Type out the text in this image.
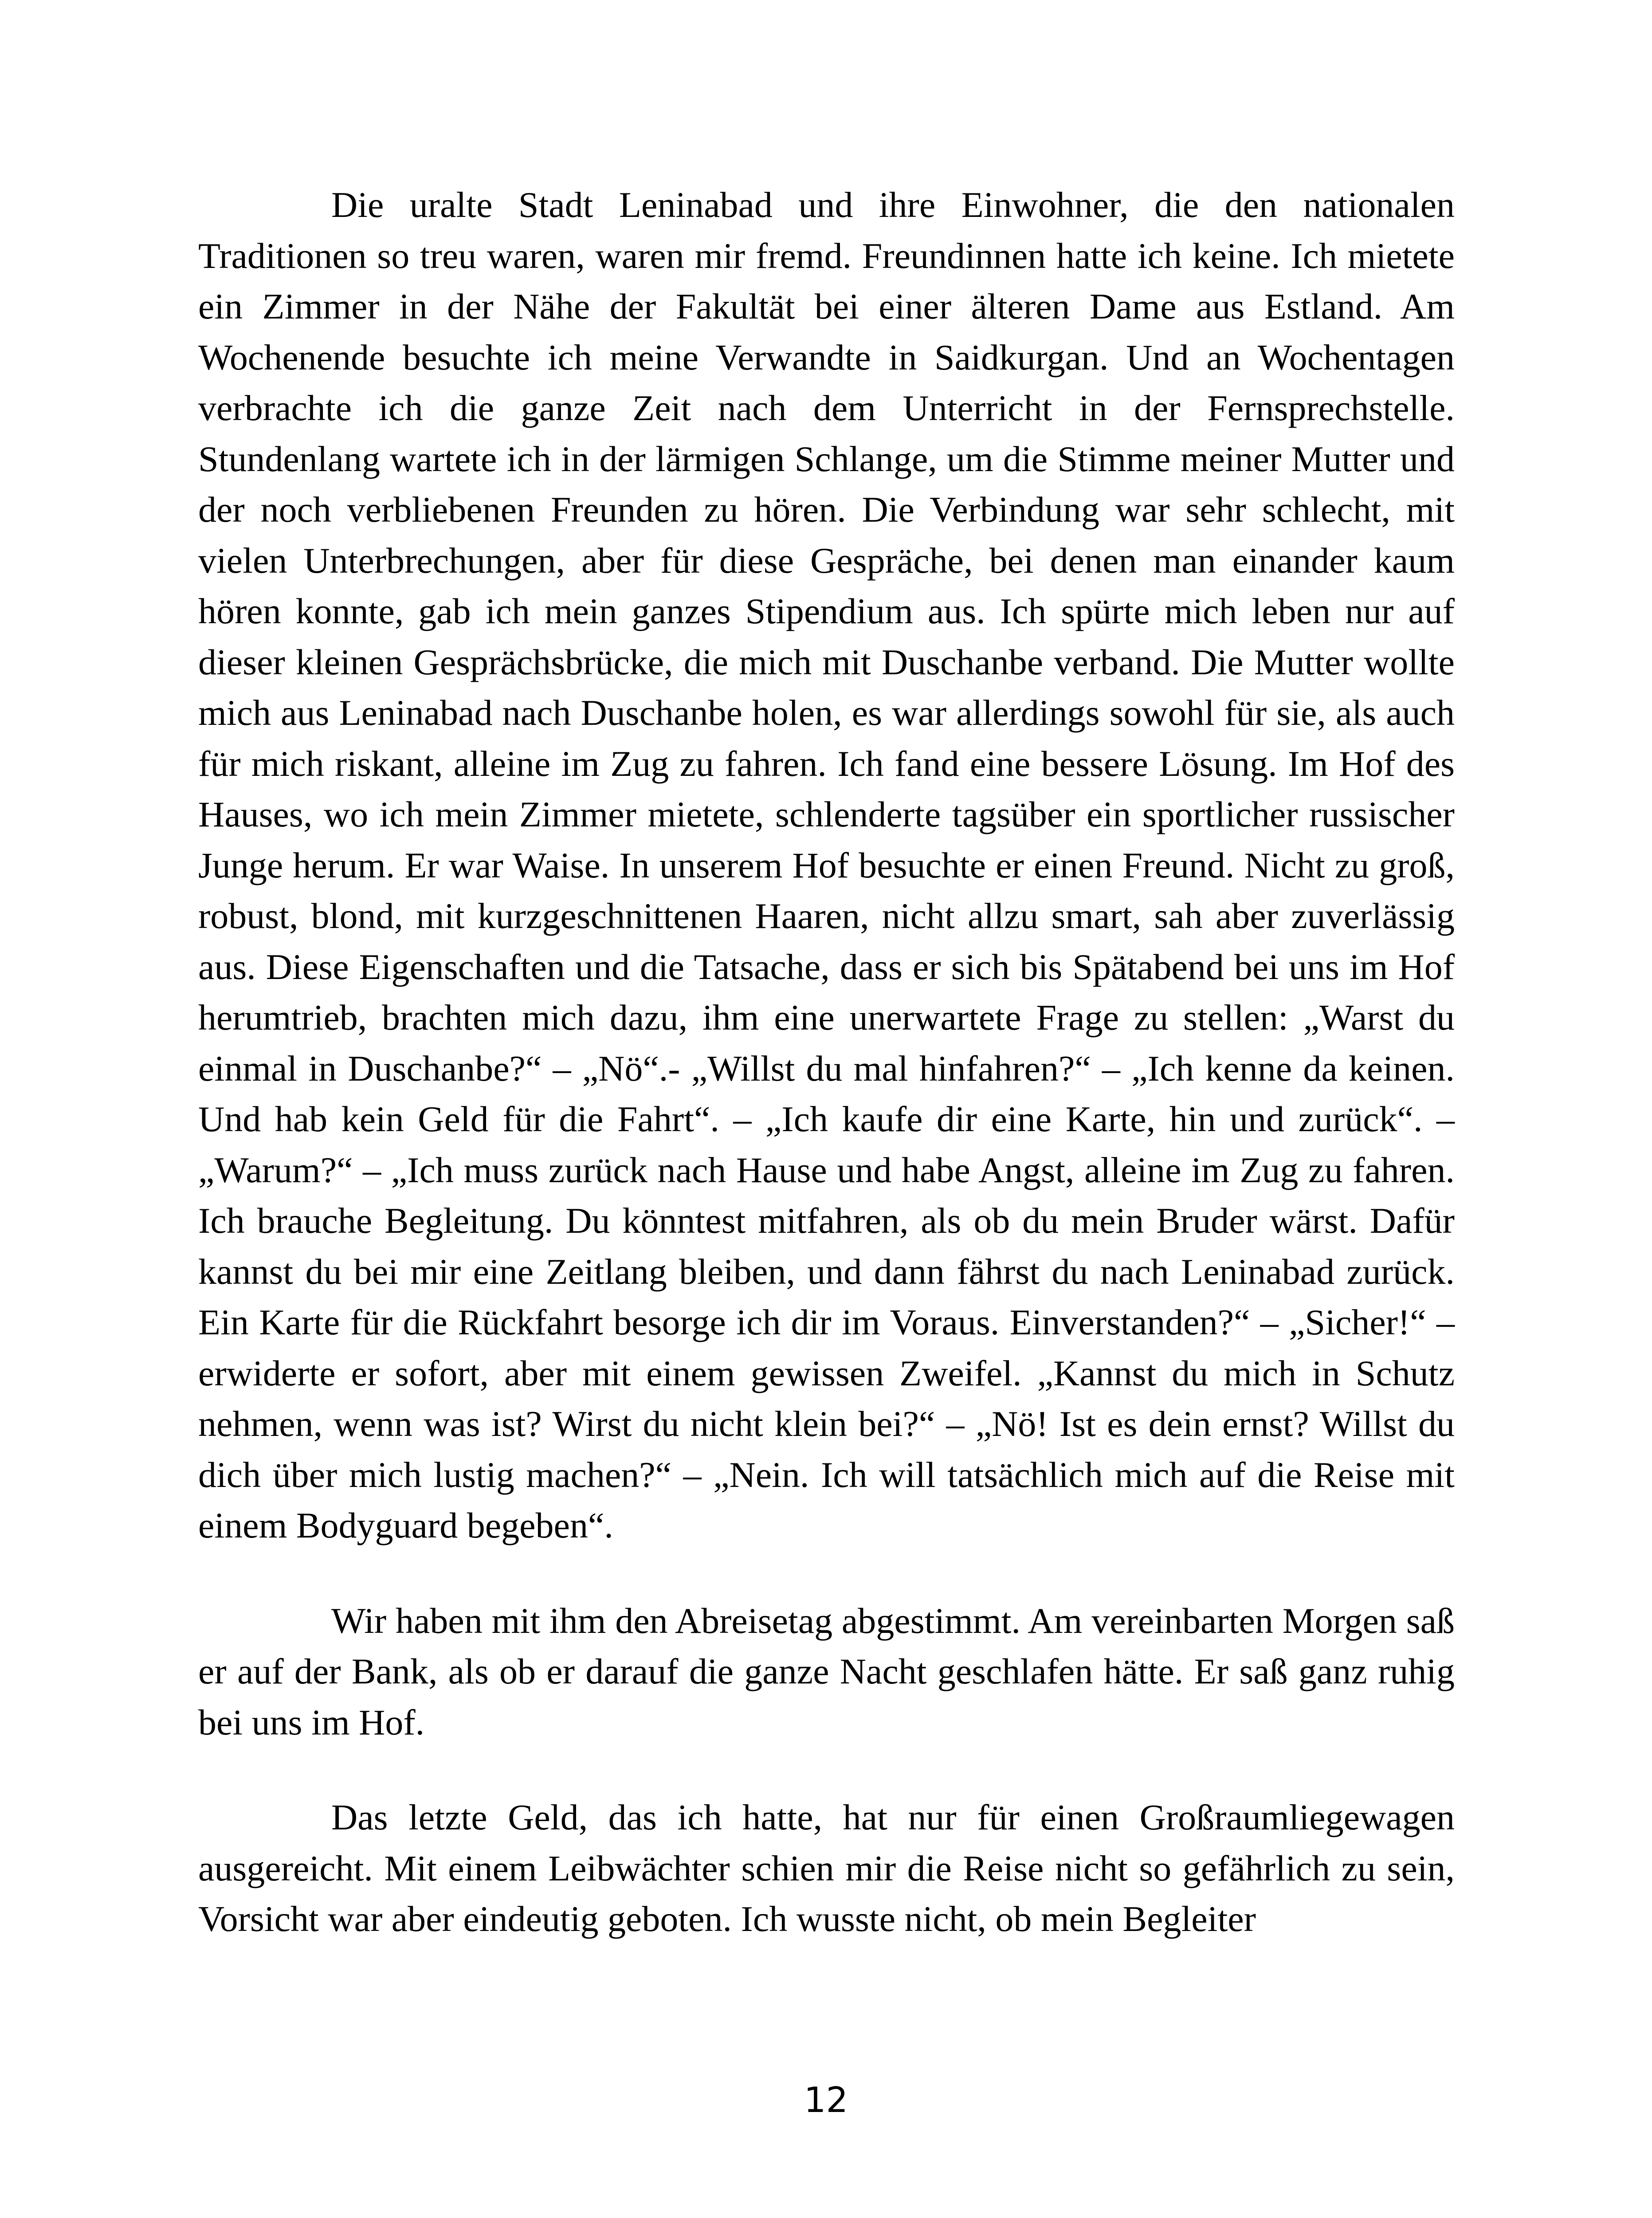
Die uralte Stadt Leninabad und ihre Einwohner, die den nationalen Traditionen so treu waren, waren mir fremd. Freundinnen hatte ich keine. Ich mietete ein Zimmer in der Nähe der Fakultät bei einer älteren Dame aus Estland. Am Wochenende besuchte ich meine Verwandte in Saidkurgan. Und an Wochentagen verbrachte ich die ganze Zeit nach dem Unterricht in der Fernsprechstelle. Stundenlang wartete ich in der lärmigen Schlange, um die Stimme meiner Mutter und der noch verbliebenen Freunden zu hören. Die Verbindung war sehr schlecht, mit vielen Unterbrechungen, aber für diese Gespräche, bei denen man einander kaum hören konnte, gab ich mein ganzes Stipendium aus. Ich spürte mich leben nur auf dieser kleinen Gesprächsbrücke, die mich mit Duschanbe verband. Die Mutter wollte mich aus Leninabad nach Duschanbe holen, es war allerdings sowohl für sie, als auch für mich riskant, alleine im Zug zu fahren. Ich fand eine bessere Lösung. Im Hof des Hauses, wo ich mein Zimmer mietete, schlenderte tagsüber ein sportlicher russischer Junge herum. Er war Waise. In unserem Hof besuchte er einen Freund. Nicht zu groß, robust, blond, mit kurzgeschnittenen Haaren, nicht allzu smart, sah aber zuverlässig aus. Diese Eigenschaften und die Tatsache, dass er sich bis Spätabend bei uns im Hof herumtrieb, brachten mich dazu, ihm eine unerwartete Frage zu stellen: „Warst du einmal in Duschanbe?“ – „Nö“.- „Willst du mal hinfahren?“ – „Ich kenne da keinen. Und hab kein Geld für die Fahrt“. – „Ich kaufe dir eine Karte, hin und zurück“. – „Warum?“ – „Ich muss zurück nach Hause und habe Angst, alleine im Zug zu fahren. Ich brauche Begleitung. Du könntest mitfahren, als ob du mein Bruder wärst. Dafür kannst du bei mir eine Zeitlang bleiben, und dann fährst du nach Leninabad zurück. Ein Karte für die Rückfahrt besorge ich dir im Voraus. Einverstanden?“ – „Sicher!“ – erwiderte er sofort, aber mit einem gewissen Zweifel. „Kannst du mich in Schutz nehmen, wenn was ist? Wirst du nicht klein bei?“ – „Nö! Ist es dein ernst? Willst du dich über mich lustig machen?“ – „Nein. Ich will tatsächlich mich auf die Reise mit einem Bodyguard begeben“.

Wir haben mit ihm den Abreisetag abgestimmt. Am vereinbarten Morgen saß er auf der Bank, als ob er darauf die ganze Nacht geschlafen hätte. Er saß ganz ruhig bei uns im Hof.

Das letzte Geld, das ich hatte, hat nur für einen Großraumliegewagen ausgereicht. Mit einem Leibwächter schien mir die Reise nicht so gefährlich zu sein, Vorsicht war aber eindeutig geboten. Ich wusste nicht, ob mein Begleiter

12
